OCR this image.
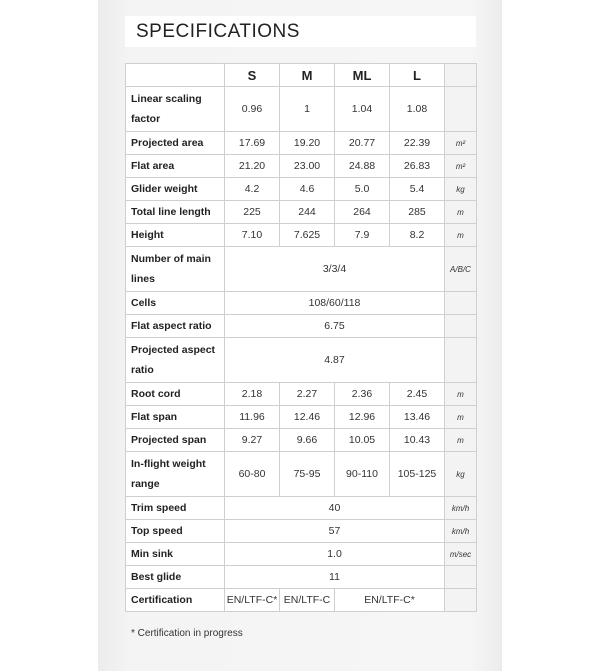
SPECIFICATIONS
	S	M	ML	L	
Linear scaling factor	0.96	1	1.04	1.08	
Projected area	17.69	19.20	20.77	22.39	m²
Flat area	21.20	23.00	24.88	26.83	m²
Glider weight	4.2	4.6	5.0	5.4	kg
Total line length	225	244	264	285	m
Height	7.10	7.625	7.9	8.2	m
Number of main lines	3/3/4				A/B/C
Cells	108/60/118				
Flat aspect ratio	6.75				
Projected aspect ratio	4.87				
Root cord	2.18	2.27	2.36	2.45	m
Flat span	11.96	12.46	12.96	13.46	m
Projected span	9.27	9.66	10.05	10.43	m
In-flight weight range	60-80	75-95	90-110	105-125	kg
Trim speed	40				km/h
Top speed	57				km/h
Min sink	1.0				m/sec
Best glide	11				
Certification	EN/LTF-C*	EN/LTF-C	EN/LTF-C*		
* Certification in progress
